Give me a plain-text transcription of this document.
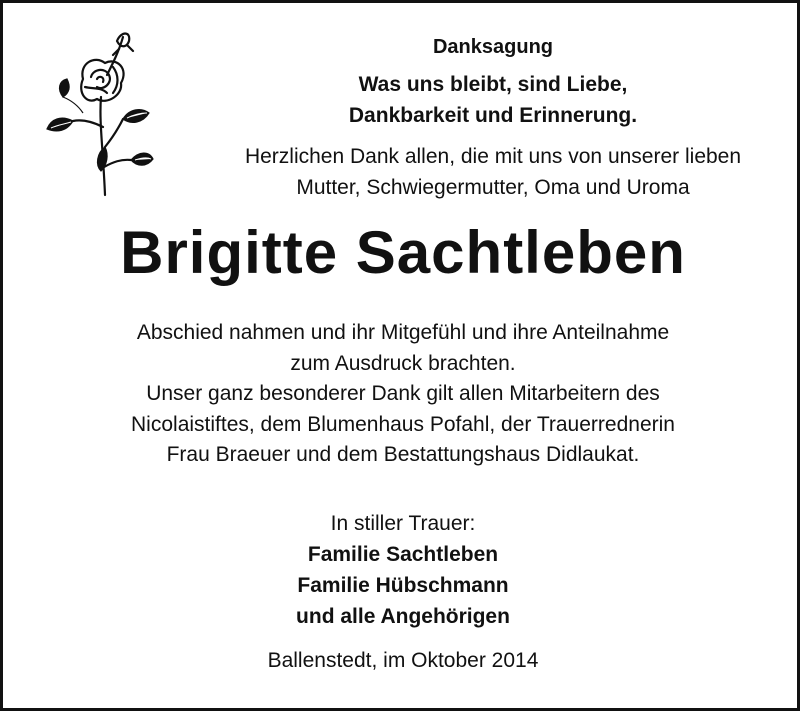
Danksagung
Was uns bleibt, sind Liebe,
Dankbarkeit und Erinnerung.
Herzlichen Dank allen, die mit uns von unserer lieben
Mutter, Schwiegermutter, Oma und Uroma
Brigitte Sachtleben
Abschied nahmen und ihr Mitgefühl und ihre Anteilnahme
zum Ausdruck brachten.
Unser ganz besonderer Dank gilt allen Mitarbeitern des
Nicolaistiftes, dem Blumenhaus Pofahl, der Trauerrednerin
Frau Braeuer und dem Bestattungshaus Didlaukat.
In stiller Trauer:
Familie Sachtleben
Familie Hübschmann
und alle Angehörigen
Ballenstedt, im Oktober 2014
